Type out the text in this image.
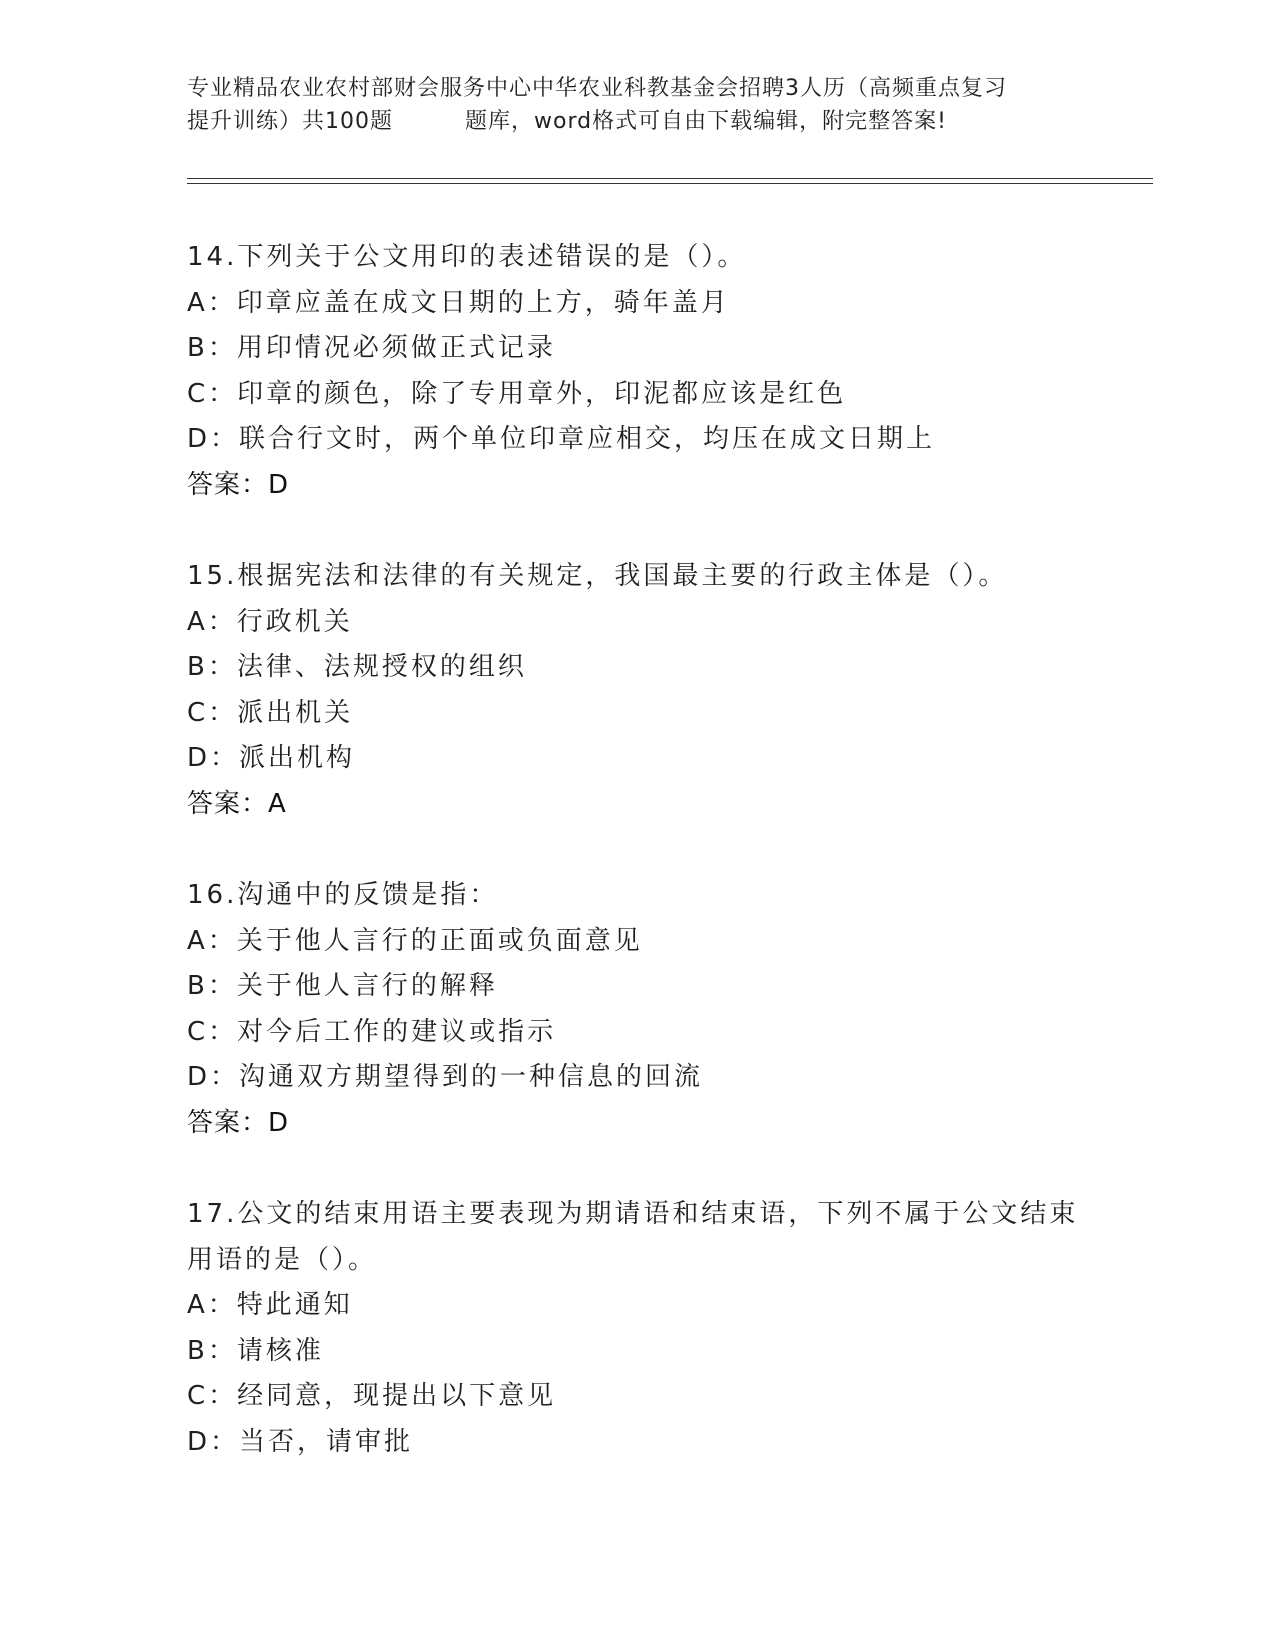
专业精品农业农村部财会服务中心中华农业科教基金会招聘3人历（高频重点复习
提升训练）共100题	题库，word格式可自由下载编辑，附完整答案!
14.下列关于公文用印的表述错误的是（）。
A：印章应盖在成文日期的上方，骑年盖月
B：用印情况必须做正式记录
C：印章的颜色，除了专用章外，印泥都应该是红色
D：联合行文时，两个单位印章应相交，均压在成文日期上
答案：D
15.根据宪法和法律的有关规定，我国最主要的行政主体是（）。
A：行政机关
B：法律、法规授权的组织
C：派出机关
D：派出机构
答案：A
16.沟通中的反馈是指：
A：关于他人言行的正面或负面意见
B：关于他人言行的解释
C：对今后工作的建议或指示
D：沟通双方期望得到的一种信息的回流
答案：D
17.公文的结束用语主要表现为期请语和结束语，下列不属于公文结束
用语的是（）。
A：特此通知
B：请核准
C：经同意，现提出以下意见
D：当否，请审批
